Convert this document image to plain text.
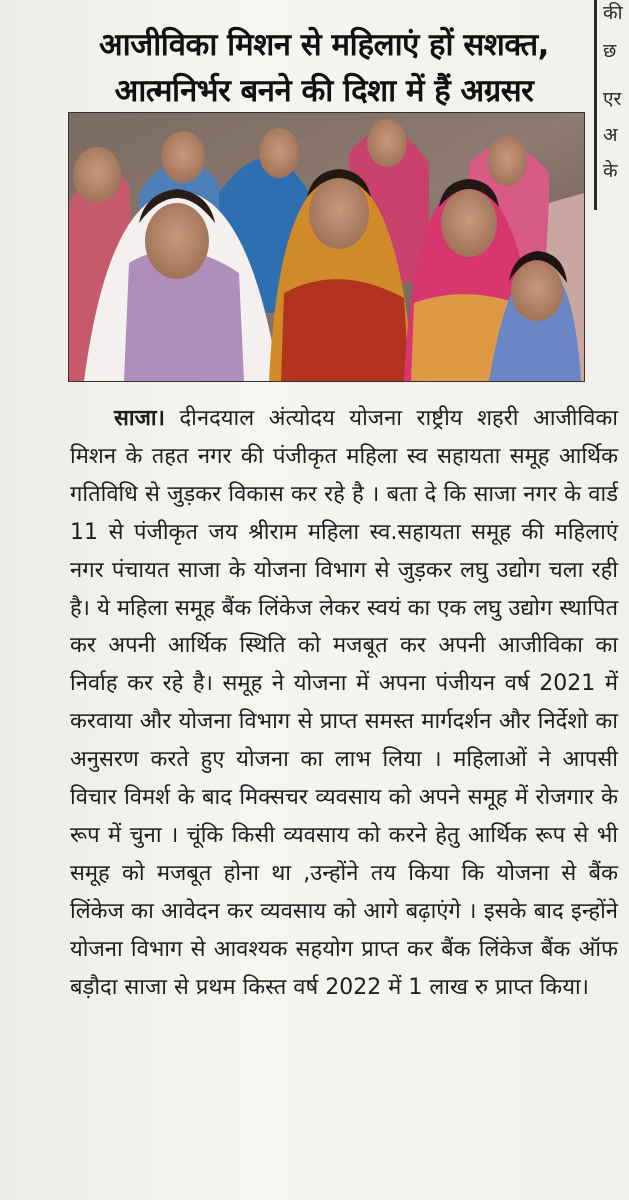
की
छ
एर
अ
के
आजीविका मिशन से महिलाएं हों सशक्त,
आत्मनिर्भर बनने की दिशा में हैं अग्रसर
साजा। दीनदयाल अंत्योदय योजना राष्ट्रीय शहरी आजीविका मिशन के तहत नगर की पंजीकृत महिला स्व सहायता समूह आर्थिक गतिविधि से जुड़कर विकास कर रहे है । बता दे कि साजा नगर के वार्ड 11 से पंजीकृत जय श्रीराम महिला स्व.सहायता समूह की महिलाएं नगर पंचायत साजा के योजना विभाग से जुड़कर लघु उद्योग चला रही है। ये महिला समूह बैंक लिंकेज लेकर स्वयं का एक लघु उद्योग स्थापित कर अपनी आर्थिक स्थिति को मजबूत कर अपनी आजीविका का निर्वाह कर रहे है। समूह ने योजना में अपना पंजीयन वर्ष 2021 में करवाया और योजना विभाग से प्राप्त समस्त मार्गदर्शन और निर्देशो का अनुसरण करते हुए योजना का लाभ लिया । महिलाओं ने आपसी विचार विमर्श के बाद मिक्सचर व्यवसाय को अपने समूह में रोजगार के रूप में चुना । चूंकि किसी व्यवसाय को करने हेतु आर्थिक रूप से भी समूह को मजबूत होना था ,उन्होंने तय किया कि योजना से बैंक लिंकेज का आवेदन कर व्यवसाय को आगे बढ़ाएंगे । इसके बाद इन्होंने योजना विभाग से आवश्यक सहयोग प्राप्त कर बैंक लिंकेज बैंक ऑफ बड़ौदा साजा से प्रथम किस्त वर्ष 2022 में 1 लाख रु प्राप्त किया।
